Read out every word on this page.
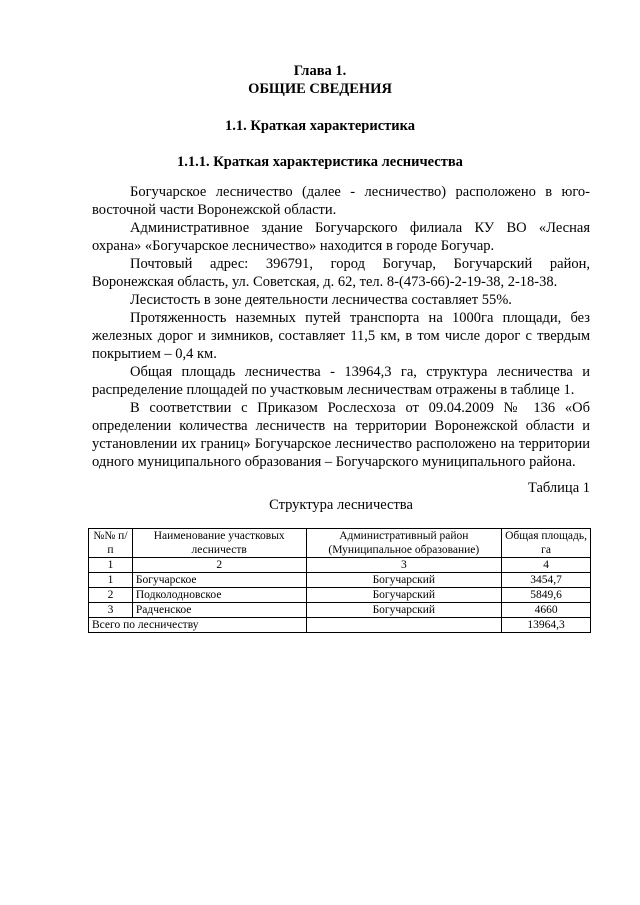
Глава 1.
ОБЩИЕ СВЕДЕНИЯ
1.1. Краткая характеристика
1.1.1. Краткая характеристика лесничества
Богучарское лесничество (далее - лесничество) расположено в юго-восточной части Воронежской области.
Административное здание Богучарского филиала КУ ВО «Лесная охрана» «Богучарское лесничество» находится в городе Богучар.
Почтовый адрес: 396791, город Богучар, Богучарский район, Воронежская область, ул. Советская, д. 62, тел. 8-(473-66)-2-19-38, 2-18-38.
Лесистость в зоне деятельности лесничества составляет 55%.
Протяженность наземных путей транспорта на 1000га площади, без железных дорог и зимников, составляет 11,5 км, в том числе дорог с твердым покрытием – 0,4 км.
Общая площадь лесничества - 13964,3 га, структура лесничества и распределение площадей по участковым лесничествам отражены в таблице 1.
В соответствии с Приказом Рослесхоза от 09.04.2009 № 136 «Об определении количества лесничеств на территории Воронежской области и установлении их границ» Богучарское лесничество расположено на территории одного муниципального образования – Богучарского муниципального района.
Таблица 1
Структура лесничества
№№ п/п	Наименование участковых лесничеств	Административный район (Муниципальное образование)	Общая площадь, га
1	2	3	4
1	Богучарское	Богучарский	3454,7
2	Подколодновское	Богучарский	5849,6
3	Радченское	Богучарский	4660
Всего по лесничеству			13964,3
